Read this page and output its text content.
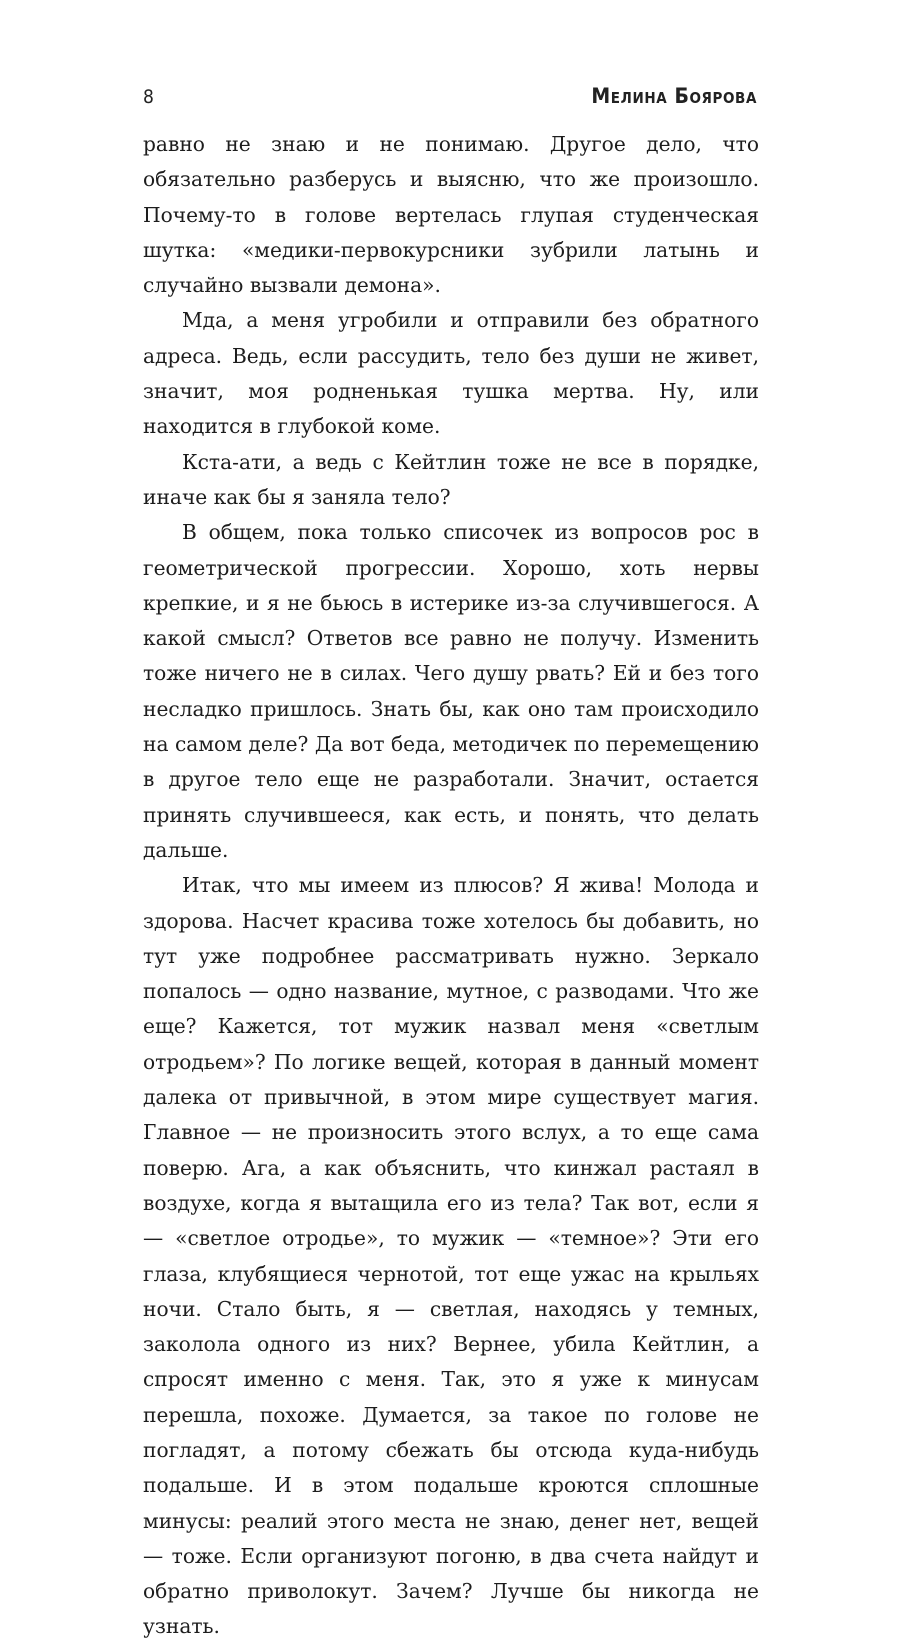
8	Мелина Боярова

равно не знаю и не понимаю. Другое дело, что обязательно разберусь и выясню, что же произошло. Почему-то в голове вертелась глупая студенческая шутка: «медики-первокурсники зубрили латынь и случайно вызвали демона».

Мда, а меня угробили и отправили без обратного адреса. Ведь, если рассудить, тело без души не живет, значит, моя родненькая тушка мертва. Ну, или находится в глубокой коме.

Кста-ати, а ведь с Кейтлин тоже не все в порядке, иначе как бы я заняла тело?

В общем, пока только списочек из вопросов рос в геометрической прогрессии. Хорошо, хоть нервы крепкие, и я не бьюсь в истерике из-за случившегося. А какой смысл? Ответов все равно не получу. Изменить тоже ничего не в силах. Чего душу рвать? Ей и без того несладко пришлось. Знать бы, как оно там происходило на самом деле? Да вот беда, методичек по перемещению в другое тело еще не разработали. Значит, остается принять случившееся, как есть, и понять, что делать дальше.

Итак, что мы имеем из плюсов? Я жива! Молода и здорова. Насчет красива тоже хотелось бы добавить, но тут уже подробнее рассматривать нужно. Зеркало попалось — одно название, мутное, с разводами. Что же еще? Кажется, тот мужик назвал меня «светлым отродьем»? По логике вещей, которая в данный момент далека от привычной, в этом мире существует магия. Главное — не произносить этого вслух, а то еще сама поверю. Ага, а как объяснить, что кинжал растаял в воздухе, когда я вытащила его из тела? Так вот, если я — «светлое отродье», то мужик — «темное»? Эти его глаза, клубящиеся чернотой, тот еще ужас на крыльях ночи. Стало быть, я — светлая, находясь у темных, заколола одного из них? Вернее, убила Кейтлин, а спросят именно с меня. Так, это я уже к минусам перешла, похоже. Думается, за такое по голове не погладят, а потому сбежать бы отсюда куда-нибудь подальше. И в этом подальше кроются сплошные минусы: реалий этого места не знаю, денег нет, вещей — тоже. Если организуют погоню, в два счета найдут и обратно приволокут. Зачем? Лучше бы никогда не узнать.
